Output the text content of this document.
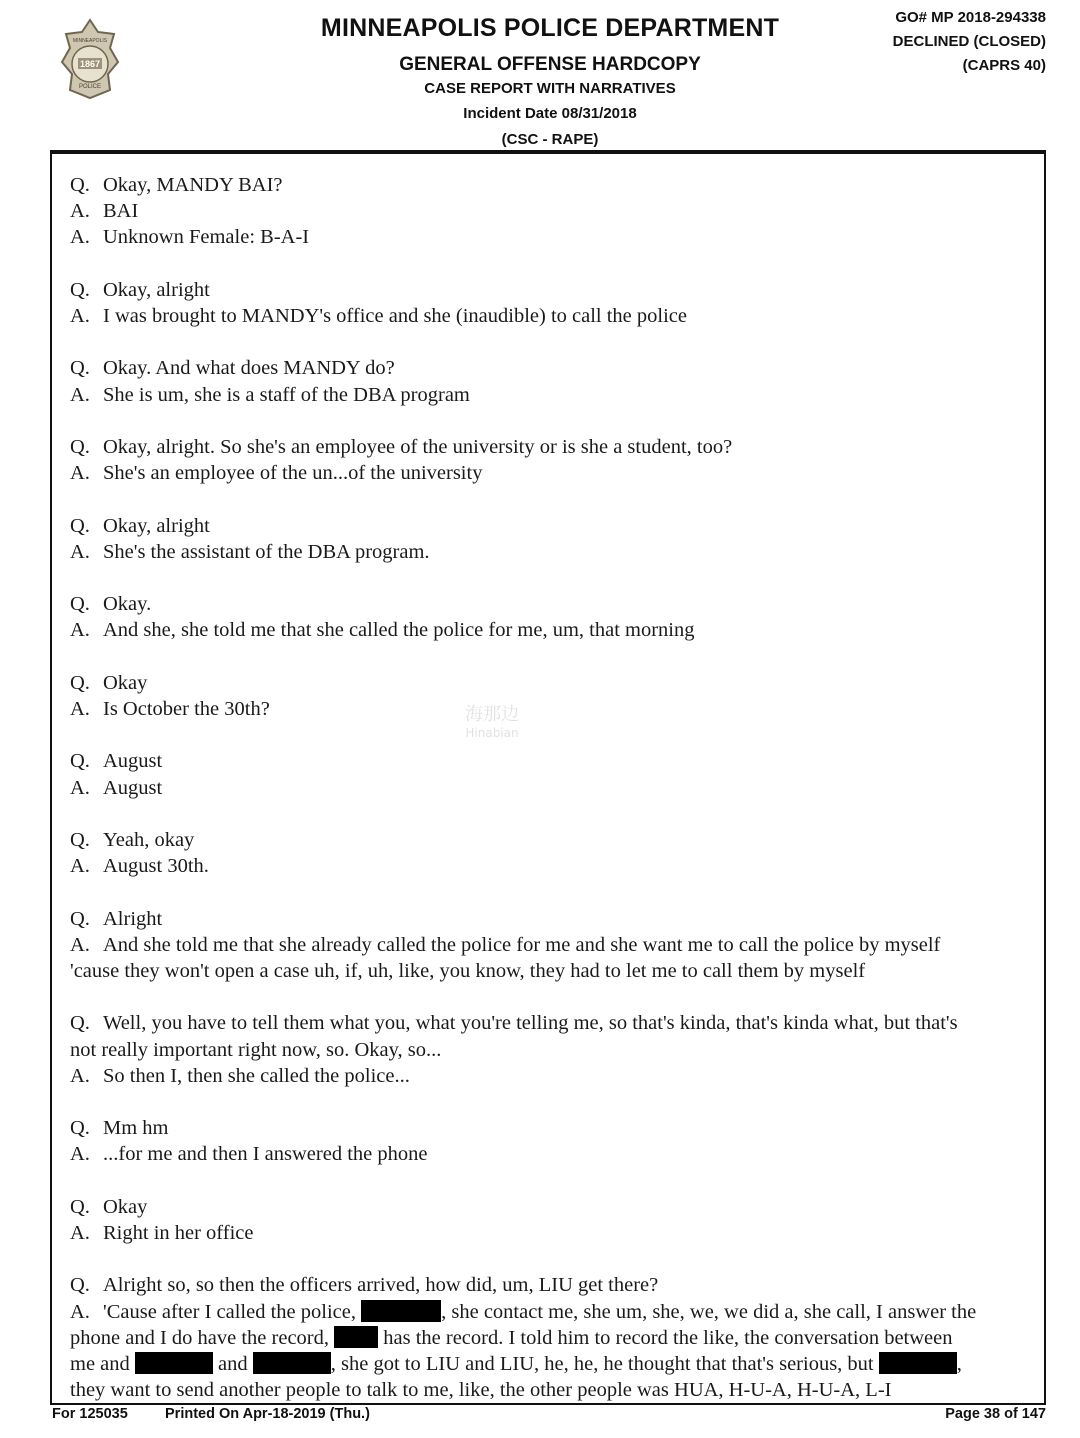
MINNEAPOLIS
1867
POLICE
MINNEAPOLIS POLICE DEPARTMENT
GENERAL OFFENSE HARDCOPY
CASE REPORT WITH NARRATIVES
Incident Date 08/31/2018
(CSC - RAPE)
GO# MP 2018-294338
DECLINED (CLOSED)
(CAPRS 40)
海那边
Hinabian
Q. Okay, MANDY BAI?
A. BAI
A. Unknown Female: B-A-I
Q. Okay, alright
A. I was brought to MANDY's office and she (inaudible) to call the police
Q. Okay. And what does MANDY do?
A. She is um, she is a staff of the DBA program
Q. Okay, alright. So she's an employee of the university or is she a student, too?
A. She's an employee of the un...of the university
Q. Okay, alright
A. She's the assistant of the DBA program.
Q. Okay.
A. And she, she told me that she called the police for me, um, that morning
Q. Okay
A. Is October the 30th?
Q. August
A. August
Q. Yeah, okay
A. August 30th.
Q. Alright
A. And she told me that she already called the police for me and she want me to call the police by myself
'cause they won't open a case uh, if, uh, like, you know, they had to let me to call them by myself
Q. Well, you have to tell them what you, what you're telling me, so that's kinda, that's kinda what, but that's
not really important right now, so. Okay, so...
A. So then I, then she called the police...
Q. Mm hm
A. ...for me and then I answered the phone
Q. Okay
A. Right in her office
Q. Alright so, so then the officers arrived, how did, um, LIU get there?
A. 'Cause after I called the police,	, she contact me, she um, she, we, we did a, she call, I answer the
phone and I do have the record,	has the record. I told him to record the like, the conversation between
me and	and	, she got to LIU and LIU, he, he, he thought that that's serious, but	,
they want to send another people to talk to me, like, the other people was HUA, H-U-A, H-U-A, L-I
For 125035	Printed On Apr-18-2019 (Thu.)	Page 38 of 147
